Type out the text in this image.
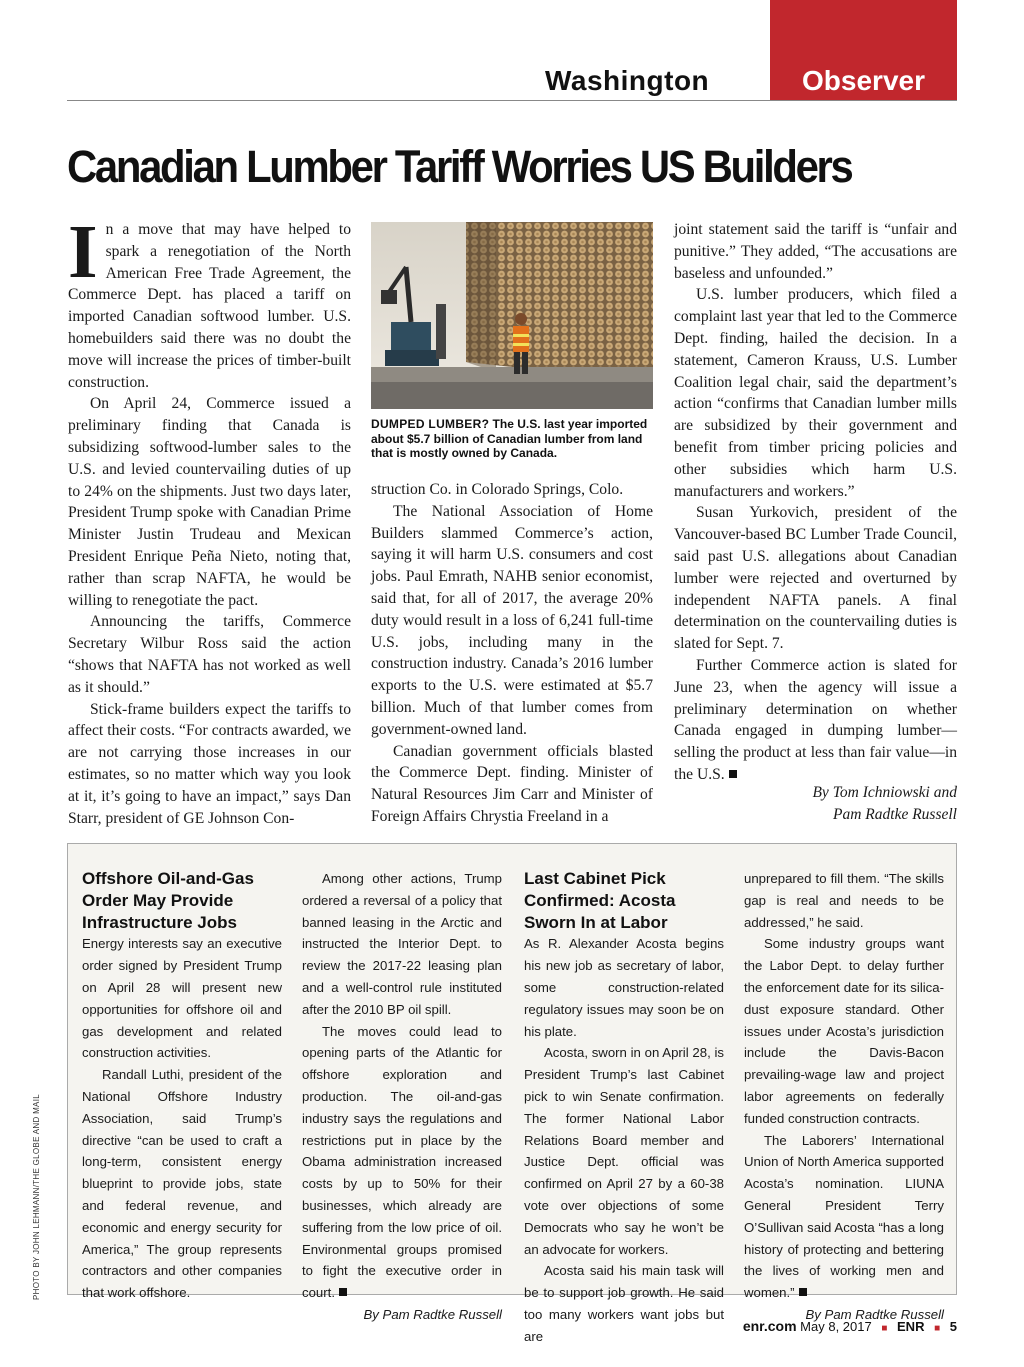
Washington	Observer
Canadian Lumber Tariff Worries US Builders

In a move that may have helped to spark a renegotiation of the North American Free Trade Agreement, the Commerce Dept. has placed a tariff on imported Canadian softwood lumber. U.S. homebuilders said there was no doubt the move will increase the prices of timber-built construction.

On April 24, Commerce issued a preliminary finding that Canada is subsidizing softwood-lumber sales to the U.S. and levied countervailing duties of up to 24% on the shipments. Just two days later, President Trump spoke with Canadian Prime Minister Justin Trudeau and Mexican President Enrique Peña Nieto, noting that, rather than scrap NAFTA, he would be willing to renegotiate the pact.

Announcing the tariffs, Commerce Secretary Wilbur Ross said the action “shows that NAFTA has not worked as well as it should.”

Stick-frame builders expect the tariffs to affect their costs. “For contracts awarded, we are not carrying those increases in our estimates, so no matter which way you look at it, it’s going to have an impact,” says Dan Starr, president of GE Johnson Con-

DUMPED LUMBER? The U.S. last year imported about $5.7 billion of Canadian lumber from land that is mostly owned by Canada.

struction Co. in Colorado Springs, Colo.

The National Association of Home Builders slammed Commerce’s action, saying it will harm U.S. consumers and cost jobs. Paul Emrath, NAHB senior economist, said that, for all of 2017, the average 20% duty would result in a loss of 6,241 full-time U.S. jobs, including many in the construction industry. Canada’s 2016 lumber exports to the U.S. were estimated at $5.7 billion. Much of that lumber comes from government-owned land.

Canadian government officials blasted the Commerce Dept. finding. Minister of Natural Resources Jim Carr and Minister of Foreign Affairs Chrystia Freeland in a

joint statement said the tariff is “unfair and punitive.” They added, “The accusations are baseless and unfounded.”

U.S. lumber producers, which filed a complaint last year that led to the Commerce Dept. finding, hailed the decision. In a statement, Cameron Krauss, U.S. Lumber Coalition legal chair, said the department’s action “confirms that Canadian lumber mills are subsidized by their government and benefit from timber pricing policies and other subsidies which harm U.S. manufacturers and workers.”

Susan Yurkovich, president of the Vancouver-based BC Lumber Trade Council, said past U.S. allegations about Canadian lumber were rejected and overturned by independent NAFTA panels. A final determination on the countervailing duties is slated for Sept. 7.

Further Commerce action is slated for June 23, when the agency will issue a preliminary determination on whether Canada engaged in dumping lumber—selling the product at less than fair value—in the U.S.

By Tom Ichniowski and
Pam Radtke Russell
Offshore Oil-and-Gas Order May Provide Infrastructure Jobs

Energy interests say an executive order signed by President Trump on April 28 will present new opportunities for offshore oil and gas development and related construction activities.

Randall Luthi, president of the National Offshore Industry Association, said Trump’s directive “can be used to craft a long-term, consistent energy blueprint to provide jobs, state and federal revenue, and economic and energy security for America,” The group represents contractors and other companies that work offshore.

Among other actions, Trump ordered a reversal of a policy that banned leasing in the Arctic and instructed the Interior Dept. to review the 2017-22 leasing plan and a well-control rule instituted after the 2010 BP oil spill.

The moves could lead to opening parts of the Atlantic for offshore exploration and production. The oil-and-gas industry says the regulations and restrictions put in place by the Obama administration increased costs by up to 50% for their businesses, which already are suffering from the low price of oil. Environmental groups promised to fight the executive order in court.

By Pam Radtke Russell

Last Cabinet Pick Confirmed: Acosta Sworn In at Labor

As R. Alexander Acosta begins his new job as secretary of labor, some construction-related regulatory issues may soon be on his plate.

Acosta, sworn in on April 28, is President Trump’s last Cabinet pick to win Senate confirmation. The former National Labor Relations Board member and Justice Dept. official was confirmed on April 27 by a 60-38 vote over objections of some Democrats who say he won’t be an advocate for workers.

Acosta said his main task will be to support job growth. He said too many workers want jobs but are

unprepared to fill them. “The skills gap is real and needs to be addressed,” he said.

Some industry groups want the Labor Dept. to delay further the enforcement date for its silica-dust exposure standard. Other issues under Acosta’s jurisdiction include the Davis-Bacon prevailing-wage law and project labor agreements on federally funded construction contracts.

The Laborers’ International Union of North America supported Acosta’s nomination. LIUNA General President Terry O’Sullivan said Acosta “has a long history of protecting and bettering the lives of working men and women.”

By Pam Radtke Russell

PHOTO BY JOHN LEHMANN/THE GLOBE AND MAIL
enr.com May 8, 2017 ■ ENR ■ 5
